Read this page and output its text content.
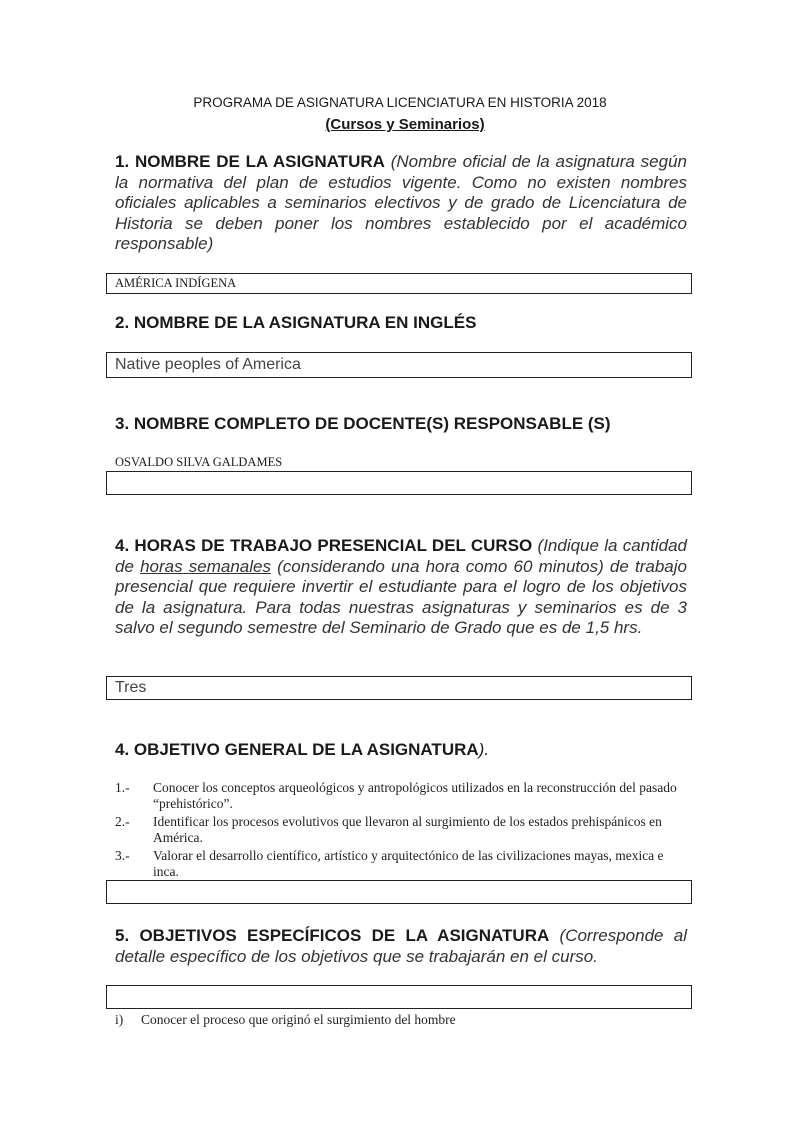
PROGRAMA DE ASIGNATURA LICENCIATURA EN HISTORIA 2018
(Cursos y Seminarios)
1. NOMBRE DE LA ASIGNATURA (Nombre oficial de la asignatura según la normativa del plan de estudios vigente. Como no existen nombres oficiales aplicables a seminarios electivos y de grado de Licenciatura de Historia se deben poner los nombres establecido por el académico responsable)
AMÉRICA INDÍGENA
2. NOMBRE DE LA ASIGNATURA EN INGLÉS
Native peoples of America
3. NOMBRE COMPLETO DE DOCENTE(S) RESPONSABLE (S)
OSVALDO SILVA GALDAMES
4. HORAS DE TRABAJO PRESENCIAL DEL CURSO (Indique la cantidad de horas semanales (considerando una hora como 60 minutos) de trabajo presencial que requiere invertir el estudiante para el logro de los objetivos de la asignatura. Para todas nuestras asignaturas y seminarios es de 3 salvo el segundo semestre del Seminario de Grado que es de 1,5 hrs.
Tres
4. OBJETIVO GENERAL DE LA ASIGNATURA).
1.- Conocer los conceptos arqueológicos y antropológicos utilizados en la reconstrucción del pasado “prehistórico”.
2.- Identificar los procesos evolutivos que llevaron al surgimiento de los estados prehispánicos en América.
3.- Valorar el desarrollo científico, artístico y arquitectónico de las civilizaciones mayas, mexica e inca.
5. OBJETIVOS ESPECÍFICOS DE LA ASIGNATURA (Corresponde al detalle específico de los objetivos que se trabajarán en el curso.
i) Conocer el proceso que originó el surgimiento del hombre
